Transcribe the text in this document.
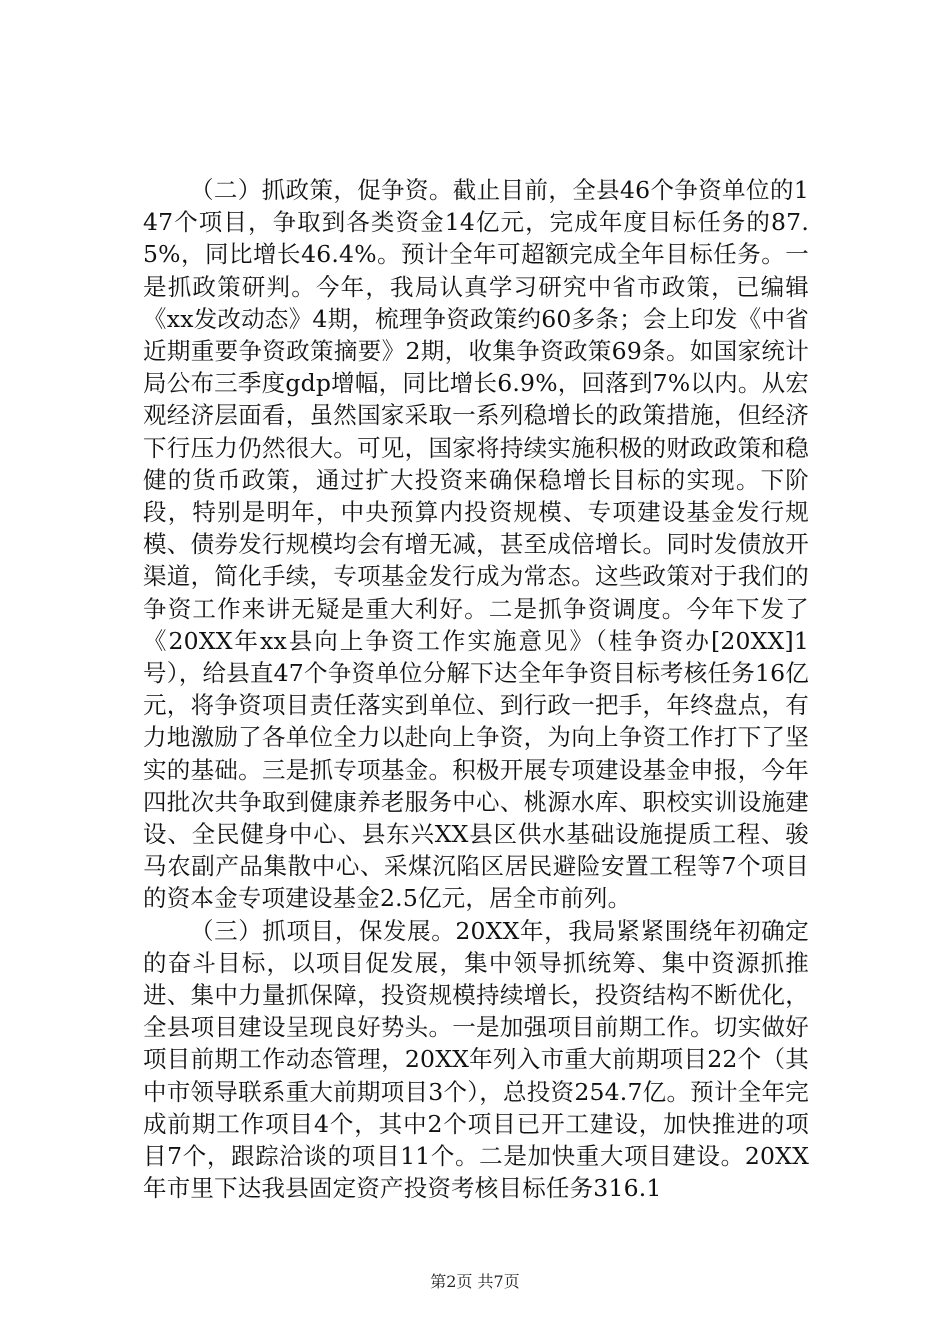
（二）抓政策，促争资。截止目前，全县46个争资单位的147个项目，争取到各类资金14亿元，完成年度目标任务的87.5%，同比增长46.4%。预计全年可超额完成全年目标任务。一是抓政策研判。今年，我局认真学习研究中省市政策，已编辑《xx发改动态》4期，梳理争资政策约60多条；会上印发《中省近期重要争资政策摘要》2期，收集争资政策69条。如国家统计局公布三季度gdp增幅，同比增长6.9%，回落到7%以内。从宏观经济层面看，虽然国家采取一系列稳增长的政策措施，但经济下行压力仍然很大。可见，国家将持续实施积极的财政政策和稳健的货币政策，通过扩大投资来确保稳增长目标的实现。下阶段，特别是明年，中央预算内投资规模、专项建设基金发行规模、债券发行规模均会有增无减，甚至成倍增长。同时发债放开渠道，简化手续，专项基金发行成为常态。这些政策对于我们的争资工作来讲无疑是重大利好。二是抓争资调度。今年下发了《20XX年xx县向上争资工作实施意见》（桂争资办[20XX]1号），给县直47个争资单位分解下达全年争资目标考核任务16亿元，将争资项目责任落实到单位、到行政一把手，年终盘点，有力地激励了各单位全力以赴向上争资，为向上争资工作打下了坚实的基础。三是抓专项基金。积极开展专项建设基金申报，今年四批次共争取到健康养老服务中心、桃源水库、职校实训设施建设、全民健身中心、县东兴XX县区供水基础设施提质工程、骏马农副产品集散中心、采煤沉陷区居民避险安置工程等7个项目的资本金专项建设基金2.5亿元，居全市前列。

（三）抓项目，保发展。20XX年，我局紧紧围绕年初确定的奋斗目标，以项目促发展，集中领导抓统筹、集中资源抓推进、集中力量抓保障，投资规模持续增长，投资结构不断优化，全县项目建设呈现良好势头。一是加强项目前期工作。切实做好项目前期工作动态管理，20XX年列入市重大前期项目22个（其中市领导联系重大前期项目3个），总投资254.7亿。预计全年完成前期工作项目4个，其中2个项目已开工建设，加快推进的项目7个，跟踪洽谈的项目11个。二是加快重大项目建设。20XX年市里下达我县固定资产投资考核目标任务316.1

第2页 共7页
